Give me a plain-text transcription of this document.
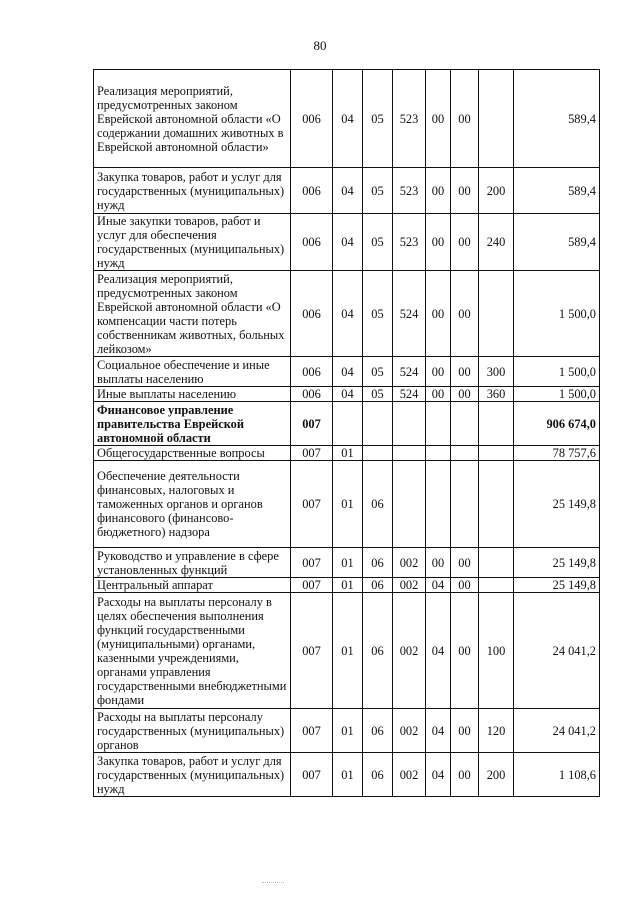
80
Реализация мероприятий, предусмотренных законом Еврейской автономной области «О содержании домашних животных в Еврейской автономной области»	006	04	05	523	00	00		589,4
Закупка товаров, работ и услуг для государственных (муниципальных) нужд	006	04	05	523	00	00	200	589,4
Иные закупки товаров, работ и услуг для обеспечения государственных (муниципальных) нужд	006	04	05	523	00	00	240	589,4
Реализация мероприятий, предусмотренных законом Еврейской автономной области «О компенсации части потерь собственникам животных, больных лейкозом»	006	04	05	524	00	00		1 500,0
Социальное обеспечение и иные выплаты населению	006	04	05	524	00	00	300	1 500,0
Иные выплаты населению	006	04	05	524	00	00	360	1 500,0
Финансовое управление правительства Еврейской автономной области	007							906 674,0
Общегосударственные вопросы	007	01						78 757,6
Обеспечение деятельности финансовых, налоговых и таможенных органов и органов финансового (финансово-бюджетного) надзора	007	01	06					25 149,8
Руководство и управление в сфере установленных функций	007	01	06	002	00	00		25 149,8
Центральный аппарат	007	01	06	002	04	00		25 149,8
Расходы на выплаты персоналу в целях обеспечения выполнения функций государственными (муниципальными) органами, казенными учреждениями, органами управления государственными внебюджетными фондами	007	01	06	002	04	00	100	24 041,2
Расходы на выплаты персоналу государственных (муниципальных) органов	007	01	06	002	04	00	120	24 041,2
Закупка товаров, работ и услуг для государственных (муниципальных) нужд	007	01	06	002	04	00	200	1 108,6
